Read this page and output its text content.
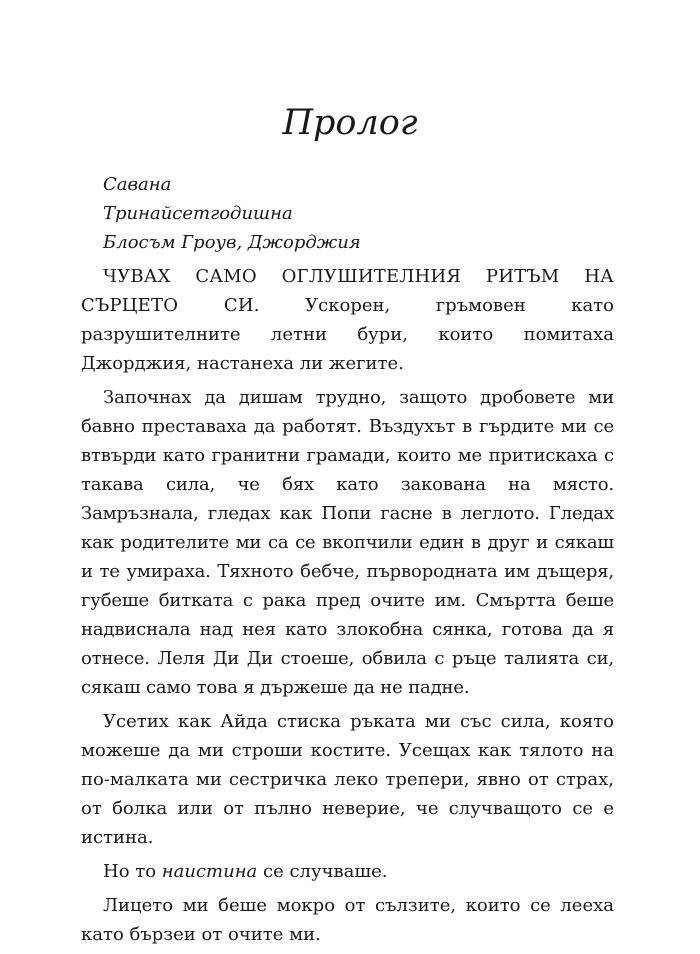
Пролог
Савана
Тринайсетгодишна
Блосъм Гроув, Джорджия

ЧУВАХ САМО ОГЛУШИТЕЛНИЯ РИТЪМ НА СЪРЦЕТО СИ.	Ускорен, гръмовен като разрушителните летни бури, които помитаха Джорджия, настанеха ли жегите.

Започнах да дишам трудно, защото дробовете ми бавно преставаха да работят. Въздухът в гърдите ми се втвърди като гранитни грамади, които ме притискаха с такава сила, че бях като закована на място. Замръзнала, гледах как Попи гасне в леглото. Гледах как родителите ми са се вкопчили един в друг и сякаш и те умираха. Тяхното бебче, първородната им дъщеря, губеше битката с рака пред очите им. Смъртта беше надвиснала над нея като злокобна сянка, готова да я отнесе. Леля Ди Ди стоеше, обвила с ръце талията си, сякаш само това я държеше да не падне.

Усетих как Айда стиска ръката ми със сила, която можеше да ми строши костите. Усещах как тялото на по-малката ми сестричка леко трепери, явно от страх, от болка или от пълно неверие, че случващото се е истина.

Но то наистина се случваше.

Лицето ми беше мокро от сълзите, които се лееха като бързеи от очите ми.
